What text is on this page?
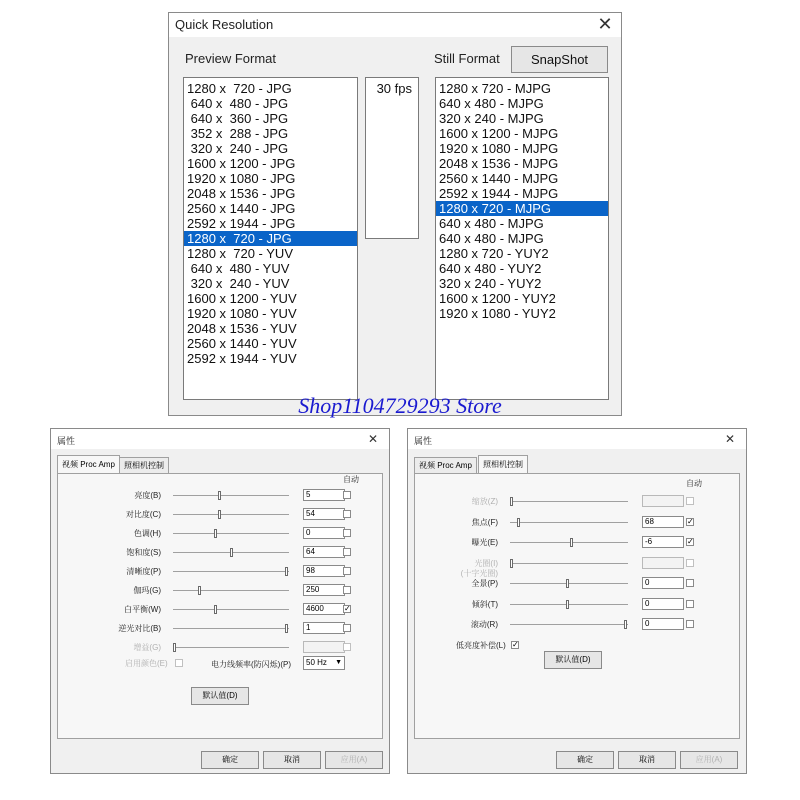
Quick Resolution	✕
Preview Format	Still Format	SnapShot
1280 x  720 - JPG
640 x  480 - JPG
640 x  360 - JPG
352 x  288 - JPG
320 x  240 - JPG
1600 x 1200 - JPG
1920 x 1080 - JPG
2048 x 1536 - JPG
2560 x 1440 - JPG
2592 x 1944 - JPG
1280 x  720 - JPG
1280 x  720 - YUV
640 x  480 - YUV
320 x  240 - YUV
1600 x 1200 - YUV
1920 x 1080 - YUV
2048 x 1536 - YUV
2560 x 1440 - YUV
2592 x 1944 - YUV
30 fps	1280 x 720 - MJPG
640 x 480 - MJPG
320 x 240 - MJPG
1600 x 1200 - MJPG
1920 x 1080 - MJPG
2048 x 1536 - MJPG
2560 x 1440 - MJPG
2592 x 1944 - MJPG
1280 x 720 - MJPG
640 x 480 - MJPG
640 x 480 - MJPG
1280 x 720 - YUY2
640 x 480 - YUY2
320 x 240 - YUY2
1600 x 1200 - YUY2
1920 x 1080 - YUY2
Shop1104729293 Store
属性	✕
视频 Proc Amp	照相机控制
自动
亮度(B)	5
对比度(C)	54
色调(H)	0
饱和度(S)	64
清晰度(P)	98
伽玛(G)	250
白平衡(W)	4600	✓
逆光对比(B)	1
增益(G)
启用颜色(E)	电力线频率(防闪烁)(P)	50 Hz ▼
默认值(D)
确定	取消	应用(A)
属性	✕
视频 Proc Amp	照相机控制
自动
缩放(Z)
焦点(F)	68	✓
曝光(E)	-6	✓
光圈(I)
(十字光圈)
全景(P)	0
倾斜(T)	0
滚动(R)	0
低亮度补偿(L) ✓
默认值(D)
确定	取消	应用(A)
